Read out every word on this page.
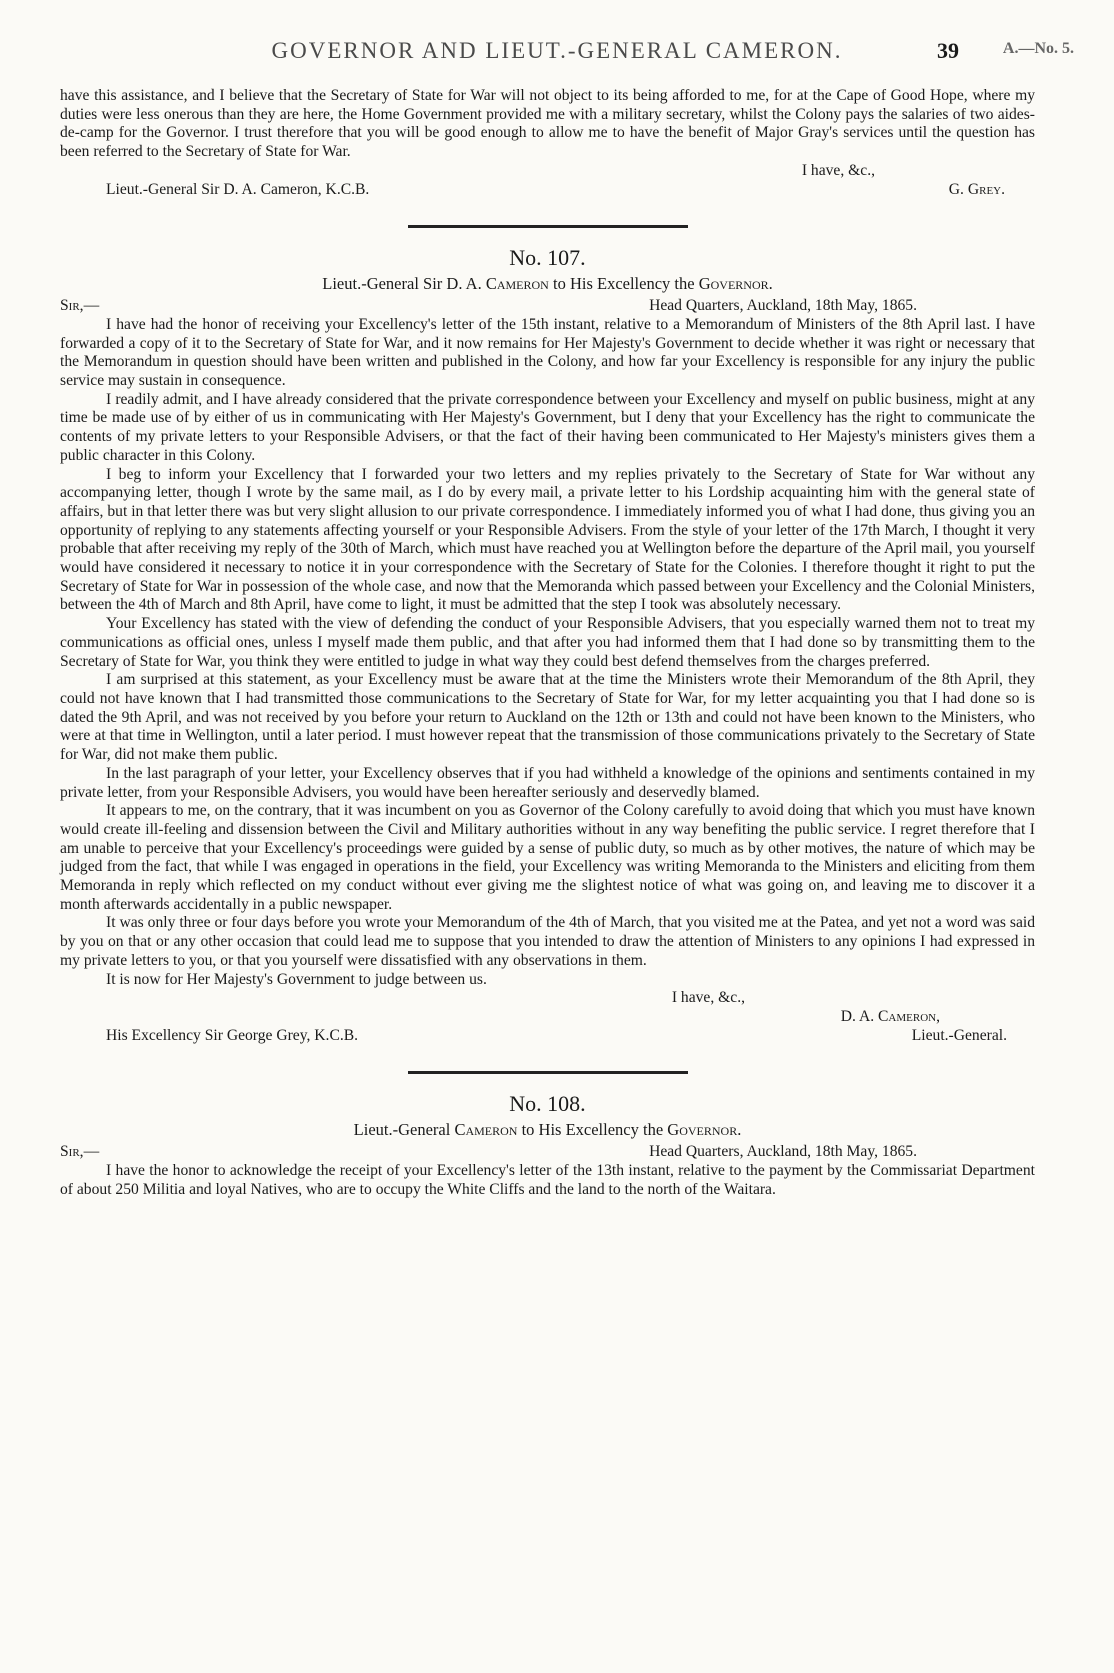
GOVERNOR AND LIEUT.-GENERAL CAMERON.	39	A.—No. 5.

have this assistance, and I believe that the Secretary of State for War will not object to its being afforded to me, for at the Cape of Good Hope, where my duties were less onerous than they are here, the Home Government provided me with a military secretary, whilst the Colony pays the salaries of two aides-de-camp for the Governor. I trust therefore that you will be good enough to allow me to have the benefit of Major Gray's services until the question has been referred to the Secretary of State for War.

I have, &c.,
Lieut.-General Sir D. A. Cameron, K.C.B.	G. Grey.
No. 107.
Lieut.-General Sir D. A. Cameron to His Excellency the Governor.
Sir,—	Head Quarters, Auckland, 18th May, 1865.

I have had the honor of receiving your Excellency's letter of the 15th instant, relative to a Memorandum of Ministers of the 8th April last. I have forwarded a copy of it to the Secretary of State for War, and it now remains for Her Majesty's Government to decide whether it was right or necessary that the Memorandum in question should have been written and published in the Colony, and how far your Excellency is responsible for any injury the public service may sustain in consequence.

I readily admit, and I have already considered that the private correspondence between your Excellency and myself on public business, might at any time be made use of by either of us in communicating with Her Majesty's Government, but I deny that your Excellency has the right to communicate the contents of my private letters to your Responsible Advisers, or that the fact of their having been communicated to Her Majesty's ministers gives them a public character in this Colony.

I beg to inform your Excellency that I forwarded your two letters and my replies privately to the Secretary of State for War without any accompanying letter, though I wrote by the same mail, as I do by every mail, a private letter to his Lordship acquainting him with the general state of affairs, but in that letter there was but very slight allusion to our private correspondence. I immediately informed you of what I had done, thus giving you an opportunity of replying to any statements affecting yourself or your Responsible Advisers. From the style of your letter of the 17th March, I thought it very probable that after receiving my reply of the 30th of March, which must have reached you at Wellington before the departure of the April mail, you yourself would have considered it necessary to notice it in your correspondence with the Secretary of State for the Colonies. I therefore thought it right to put the Secretary of State for War in possession of the whole case, and now that the Memoranda which passed between your Excellency and the Colonial Ministers, between the 4th of March and 8th April, have come to light, it must be admitted that the step I took was absolutely necessary.

Your Excellency has stated with the view of defending the conduct of your Responsible Advisers, that you especially warned them not to treat my communications as official ones, unless I myself made them public, and that after you had informed them that I had done so by transmitting them to the Secretary of State for War, you think they were entitled to judge in what way they could best defend themselves from the charges preferred.

I am surprised at this statement, as your Excellency must be aware that at the time the Ministers wrote their Memorandum of the 8th April, they could not have known that I had transmitted those communications to the Secretary of State for War, for my letter acquainting you that I had done so is dated the 9th April, and was not received by you before your return to Auckland on the 12th or 13th and could not have been known to the Ministers, who were at that time in Wellington, until a later period. I must however repeat that the transmission of those communications privately to the Secretary of State for War, did not make them public.

In the last paragraph of your letter, your Excellency observes that if you had withheld a knowledge of the opinions and sentiments contained in my private letter, from your Responsible Advisers, you would have been hereafter seriously and deservedly blamed.

It appears to me, on the contrary, that it was incumbent on you as Governor of the Colony carefully to avoid doing that which you must have known would create ill-feeling and dissension between the Civil and Military authorities without in any way benefiting the public service. I regret therefore that I am unable to perceive that your Excellency's proceedings were guided by a sense of public duty, so much as by other motives, the nature of which may be judged from the fact, that while I was engaged in operations in the field, your Excellency was writing Memoranda to the Ministers and eliciting from them Memoranda in reply which reflected on my conduct without ever giving me the slightest notice of what was going on, and leaving me to discover it a month afterwards accidentally in a public newspaper.

It was only three or four days before you wrote your Memorandum of the 4th of March, that you visited me at the Patea, and yet not a word was said by you on that or any other occasion that could lead me to suppose that you intended to draw the attention of Ministers to any opinions I had expressed in my private letters to you, or that you yourself were dissatisfied with any observations in them.

It is now for Her Majesty's Government to judge between us.

I have, &c.,
D. A. Cameron,
His Excellency Sir George Grey, K.C.B.	Lieut.-General.
No. 108.
Lieut.-General Cameron to His Excellency the Governor.
Sir,—	Head Quarters, Auckland, 18th May, 1865.

I have the honor to acknowledge the receipt of your Excellency's letter of the 13th instant, relative to the payment by the Commissariat Department of about 250 Militia and loyal Natives, who are to occupy the White Cliffs and the land to the north of the Waitara.
